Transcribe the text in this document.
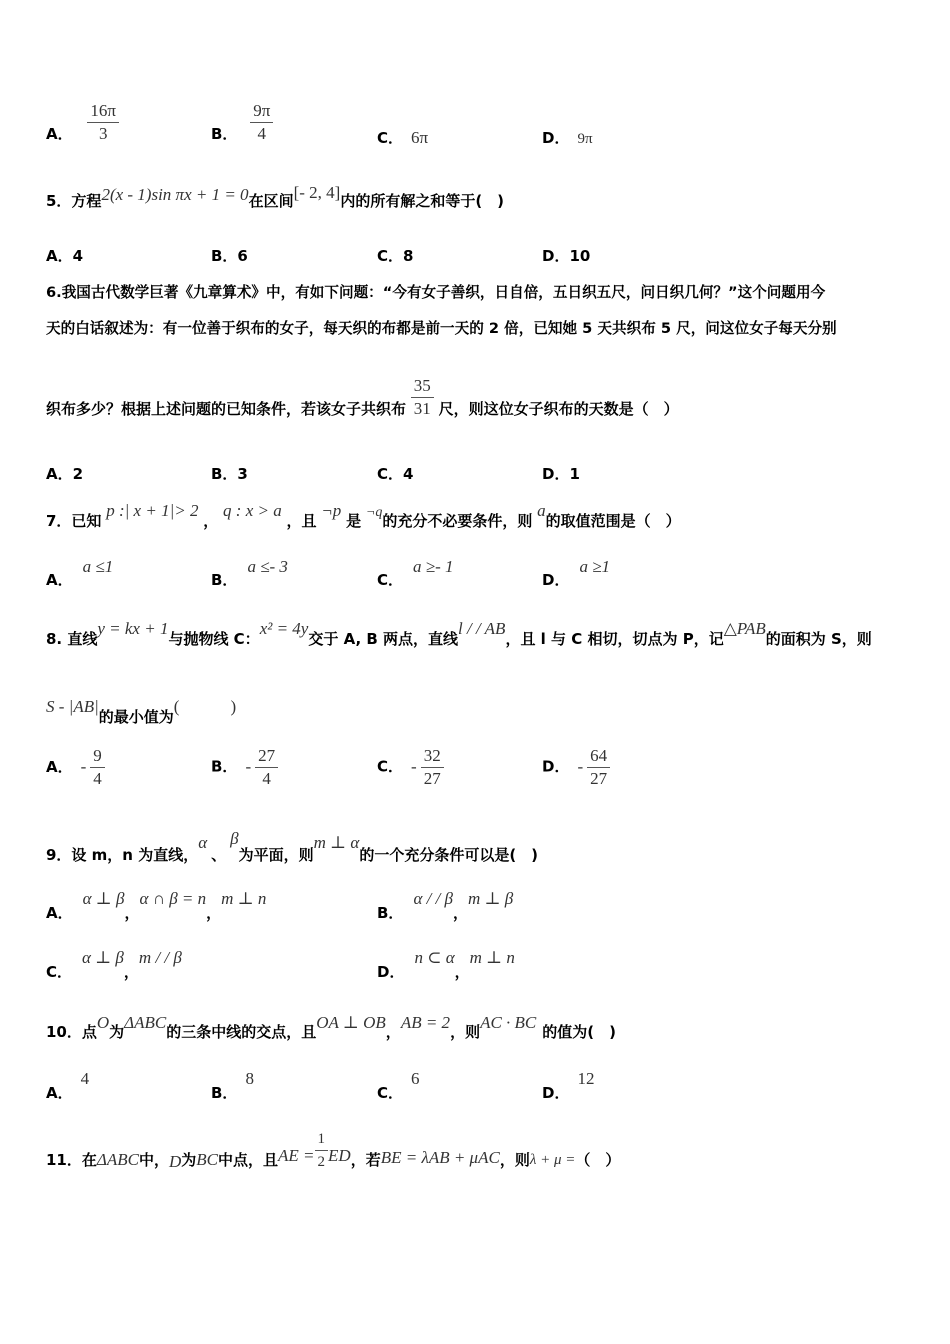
A． $\frac{16\pi}{3}$	B． $\frac{9\pi}{4}$	C． 6π	D． 9π
5．方程2(x - 1)sin πx + 1 = 0在区间[- 2, 4]内的所有解之和等于(　)
A．4	B．6	C．8	D．10
6.我国古代数学巨著《九章算术》中，有如下问题：“今有女子善织，日自倍，五日织五尺，问日织几何？”这个问题用今
天的白话叙述为：有一位善于织布的女子，每天织的布都是前一天的 2 倍，已知她 5 天共织布 5 尺，问这位女子每天分别
织布多少？根据上述问题的已知条件，若该女子共织布 $\frac{35}{31}$ 尺，则这位女子织布的天数是（　）
A．2	B．3	C．4	D．1
7．已知 p :| x + 1|> 2 ， q : x > a ，且 ¬p 是 ¬q的充分不必要条件，则 a的取值范围是（　）
A．a ≤1
B．a ≤- 3
C．a ≥- 1
D．a ≥1
8. 直线y = kx + 1与抛物线 C：x² = 4y交于 A, B 两点，直线l / / AB，且 l 与 C 相切，切点为 P，记△PAB的面积为 S，则
S - |AB|的最小值为(　　　)
A． - $\frac{9}{4}$	B． - $\frac{27}{4}$	C． - $\frac{32}{27}$	D． - $\frac{64}{27}$
9．设 m，n 为直线，α、β为平面，则m ⊥ α的一个充分条件可以是(　)
A．α ⊥ β，α ∩ β = n，m ⊥ n
B．α / / β，m ⊥ β
C．α ⊥ β，m / / β
D．n ⊂ α，m ⊥ n
10．点O为ΔABC的三条中线的交点，且OA ⊥ OB，AB = 2，则AC · BC 的值为(　)
A．4
B．8
C．6
D．12
11．在ΔABC中，D为BC中点，且AE = $\frac{1}{2}$ ED，若BE = λAB + μAC，则λ + μ =（　）
